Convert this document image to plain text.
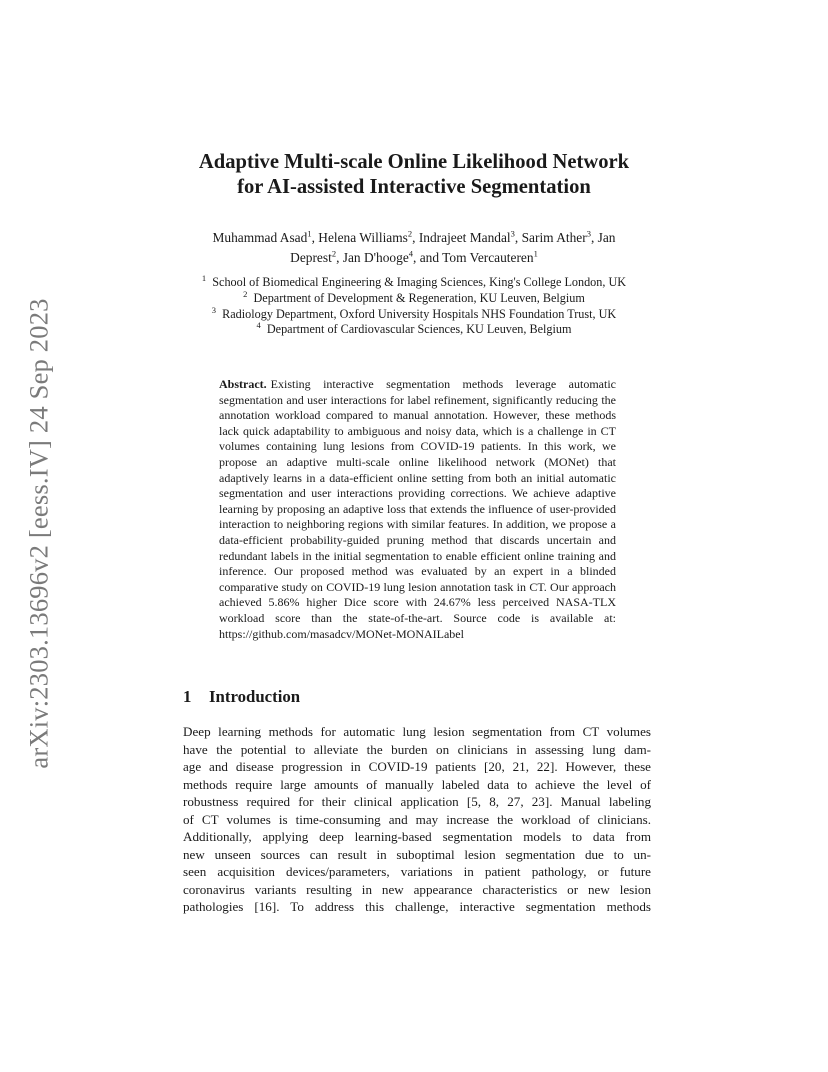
arXiv:2303.13696v2 [eess.IV] 24 Sep 2023
Adaptive Multi-scale Online Likelihood Network
for AI-assisted Interactive Segmentation
Muhammad Asad$^1$, Helena Williams$^2$, Indrajeet Mandal$^3$, Sarim Ather$^3$, Jan
Deprest$^2$, Jan D'hooge$^4$, and Tom Vercauteren$^1$
$^1$ School of Biomedical Engineering & Imaging Sciences, King's College London, UK
$^2$ Department of Development & Regeneration, KU Leuven, Belgium
$^3$ Radiology Department, Oxford University Hospitals NHS Foundation Trust, UK
$^4$ Department of Cardiovascular Sciences, KU Leuven, Belgium
Abstract. Existing interactive segmentation methods leverage automatic segmentation and user interactions for label refinement, significantly reducing the annotation workload compared to manual annotation. However, these methods lack quick adaptability to ambiguous and noisy data, which is a challenge in CT volumes containing lung lesions from COVID-19 patients. In this work, we propose an adaptive multi-scale online likelihood network (MONet) that adaptively learns in a data-efficient online setting from both an initial automatic segmentation and user interactions providing corrections. We achieve adaptive learning by proposing an adaptive loss that extends the influence of user-provided interaction to neighboring regions with similar features. In addition, we propose a data-efficient probability-guided pruning method that discards uncertain and redundant labels in the initial segmentation to enable efficient online training and inference. Our proposed method was evaluated by an expert in a blinded comparative study on COVID-19 lung lesion annotation task in CT. Our approach achieved 5.86% higher Dice score with 24.67% less perceived NASA-TLX workload score than the state-of-the-art. Source code is available at: https://github.com/masadcv/MONet-MONAILabel
1 Introduction
Deep learning methods for automatic lung lesion segmentation from CT volumes
have the potential to alleviate the burden on clinicians in assessing lung dam-
age and disease progression in COVID-19 patients [20, 21, 22]. However, these
methods require large amounts of manually labeled data to achieve the level of
robustness required for their clinical application [5, 8, 27, 23]. Manual labeling
of CT volumes is time-consuming and may increase the workload of clinicians.
Additionally, applying deep learning-based segmentation models to data from
new unseen sources can result in suboptimal lesion segmentation due to un-
seen acquisition devices/parameters, variations in patient pathology, or future
coronavirus variants resulting in new appearance characteristics or new lesion
pathologies [16]. To address this challenge, interactive segmentation methods
